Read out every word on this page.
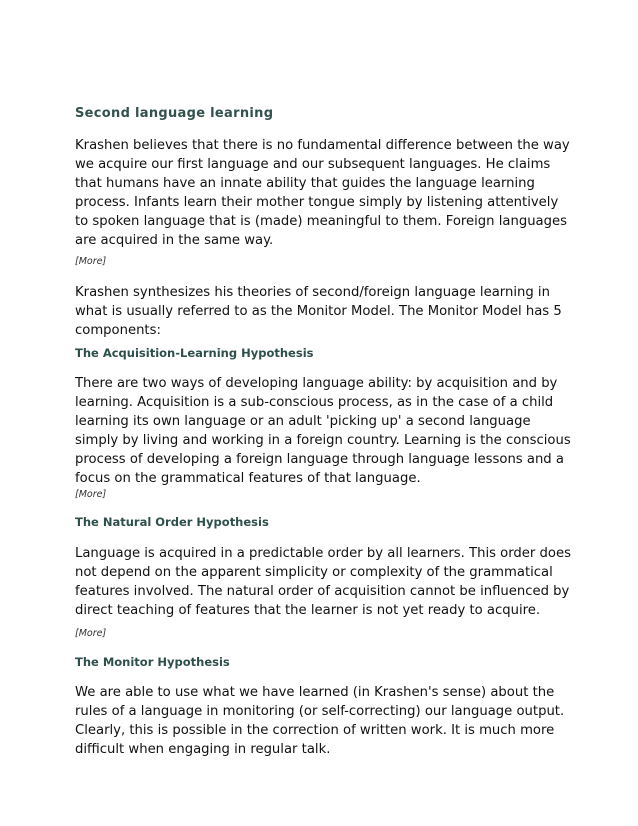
Second language learning

Krashen believes that there is no fundamental difference between the way we acquire our first language and our subsequent languages. He claims that humans have an innate ability that guides the language learning process. Infants learn their mother tongue simply by listening attentively to spoken language that is (made) meaningful to them. Foreign languages are acquired in the same way.

[More]

Krashen synthesizes his theories of second/foreign language learning in what is usually referred to as the Monitor Model. The Monitor Model has 5 components:

The Acquisition-Learning Hypothesis

There are two ways of developing language ability: by acquisition and by learning. Acquisition is a sub-conscious process, as in the case of a child learning its own language or an adult 'picking up' a second language simply by living and working in a foreign country. Learning is the conscious process of developing a foreign language through language lessons and a focus on the grammatical features of that language.

[More]
The Natural Order Hypothesis

Language is acquired in a predictable order by all learners. This order does not depend on the apparent simplicity or complexity of the grammatical features involved. The natural order of acquisition cannot be influenced by direct teaching of features that the learner is not yet ready to acquire.

[More]
The Monitor Hypothesis

We are able to use what we have learned (in Krashen's sense) about the rules of a language in monitoring (or self-correcting) our language output. Clearly, this is possible in the correction of written work. It is much more difficult when engaging in regular talk.
